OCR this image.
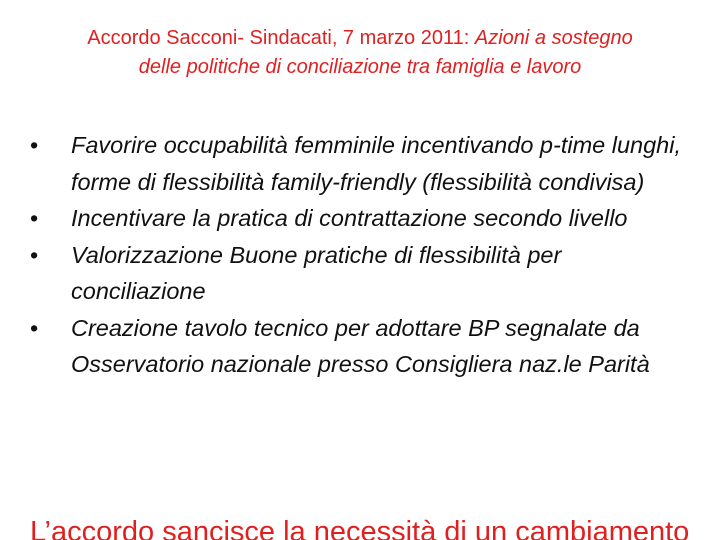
Accordo Sacconi- Sindacati, 7 marzo 2011: Azioni a sostegno
delle politiche di conciliazione tra famiglia e lavoro
• Favorire occupabilità femminile incentivando p-time lunghi, forme di flessibilità family-friendly (flessibilità condivisa)
• Incentivare la pratica di contrattazione secondo livello
• Valorizzazione Buone pratiche di flessibilità per conciliazione
• Creazione tavolo tecnico per adottare BP segnalate da Osservatorio nazionale presso Consigliera naz.le Parità
L’accordo sancisce la necessità di un cambiamento
